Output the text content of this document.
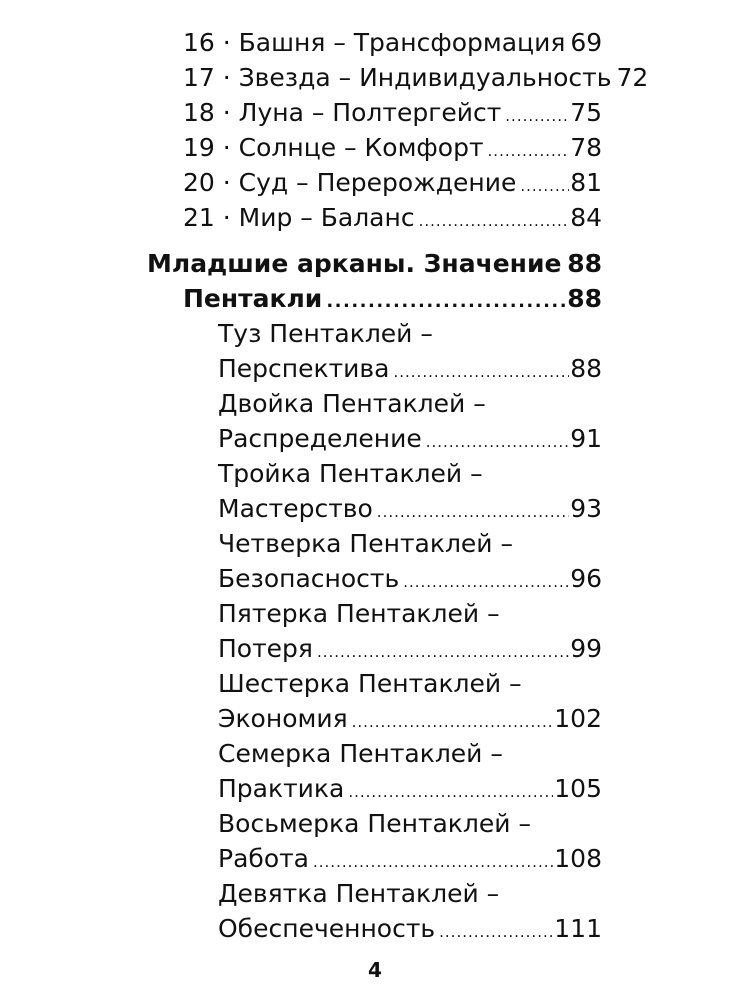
16 · Башня – Трансформация 69
17 · Звезда – Индивидуальность 72
18 · Луна – Полтергейст .....	75
19 · Солнце – Комфорт .....	78
20 · Суд – Перерождение ..... 81
21 · Мир – Баланс .....	84
Младшие арканы. Значение ..... 88
Пентакли .....	88
Туз Пентаклей –
Перспектива .....	88
Двойка Пентаклей –
Распределение .....	91
Тройка Пентаклей –
Мастерство .....	93
Четверка Пентаклей –
Безопасность .....	96
Пятерка Пентаклей –
Потеря .....	99
Шестерка Пентаклей –
Экономия .....	102
Семерка Пентаклей –
Практика .....	105
Восьмерка Пентаклей –
Работа .....	108
Девятка Пентаклей –
Обеспеченность .....	111
4
